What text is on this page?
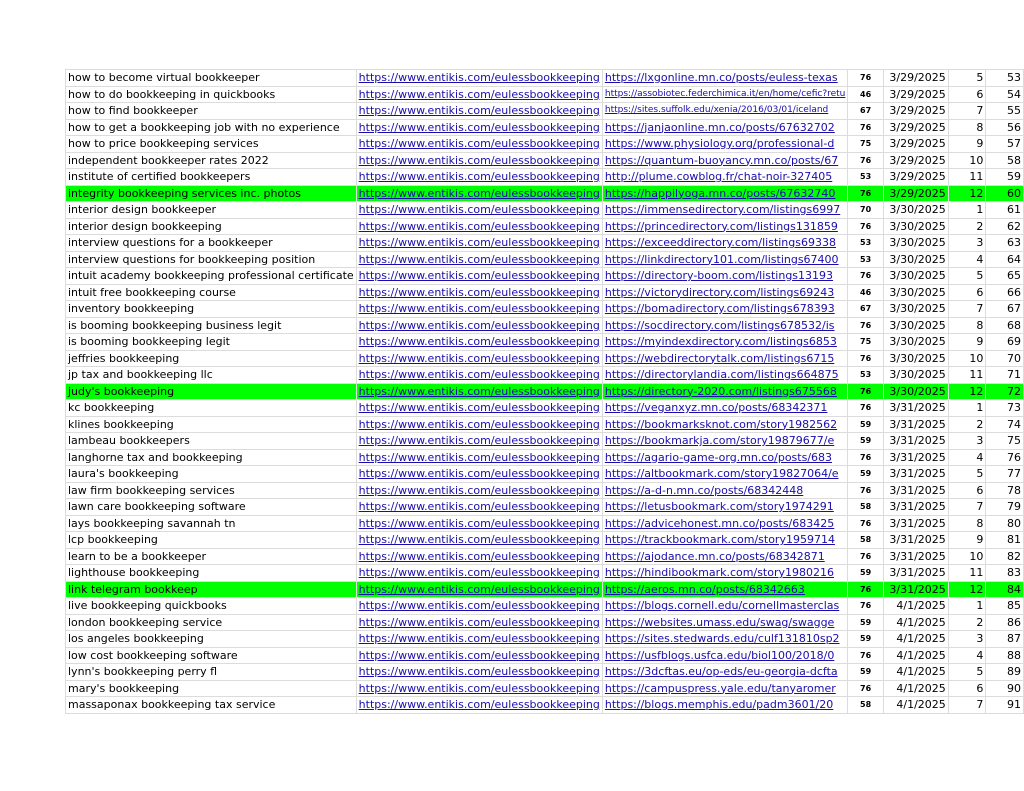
how to become virtual bookkeeper	https://www.entikis.com/eulessbookkeeping	https://lxgonline.mn.co/posts/euless-texas	76	3/29/2025	5	53
how to do bookkeeping in quickbooks	https://www.entikis.com/eulessbookkeeping	https://assobiotec.federchimica.it/en/home/cefic?retu	46	3/29/2025	6	54
how to find bookkeeper	https://www.entikis.com/eulessbookkeeping	https://sites.suffolk.edu/xenia/2016/03/01/iceland	67	3/29/2025	7	55
how to get a bookkeeping job with no experience	https://www.entikis.com/eulessbookkeeping	https://janjaonline.mn.co/posts/67632702	76	3/29/2025	8	56
how to price bookkeeping services	https://www.entikis.com/eulessbookkeeping	https://www.physiology.org/professional-d	75	3/29/2025	9	57
independent bookkeeper rates 2022	https://www.entikis.com/eulessbookkeeping	https://quantum-buoyancy.mn.co/posts/67	76	3/29/2025	10	58
institute of certified bookkeepers	https://www.entikis.com/eulessbookkeeping	http://plume.cowblog.fr/chat-noir-327405	53	3/29/2025	11	59
integrity bookkeeping services inc. photos	https://www.entikis.com/eulessbookkeeping	https://happilyoga.mn.co/posts/67632740	76	3/29/2025	12	60
interior design bookkeeper	https://www.entikis.com/eulessbookkeeping	https://immensedirectory.com/listings6997	70	3/30/2025	1	61
interior design bookkeeping	https://www.entikis.com/eulessbookkeeping	https://princedirectory.com/listings131859	76	3/30/2025	2	62
interview questions for a bookkeeper	https://www.entikis.com/eulessbookkeeping	https://exceeddirectory.com/listings69338	53	3/30/2025	3	63
interview questions for bookkeeping position	https://www.entikis.com/eulessbookkeeping	https://linkdirectory101.com/listings67400	53	3/30/2025	4	64
intuit academy bookkeeping professional certificate	https://www.entikis.com/eulessbookkeeping	https://directory-boom.com/listings13193	76	3/30/2025	5	65
intuit free bookkeeping course	https://www.entikis.com/eulessbookkeeping	https://victorydirectory.com/listings69243	46	3/30/2025	6	66
inventory bookkeeping	https://www.entikis.com/eulessbookkeeping	https://bomadirectory.com/listings678393	67	3/30/2025	7	67
is booming bookkeeping business legit	https://www.entikis.com/eulessbookkeeping	https://socdirectory.com/listings678532/is	76	3/30/2025	8	68
is booming bookkeeping legit	https://www.entikis.com/eulessbookkeeping	https://myindexdirectory.com/listings6853	75	3/30/2025	9	69
jeffries bookkeeping	https://www.entikis.com/eulessbookkeeping	https://webdirectorytalk.com/listings6715	76	3/30/2025	10	70
jp tax and bookkeeping llc	https://www.entikis.com/eulessbookkeeping	https://directorylandia.com/listings664875	53	3/30/2025	11	71
judy's bookkeeping	https://www.entikis.com/eulessbookkeeping	https://directory-2020.com/listings675568	76	3/30/2025	12	72
kc bookkeeping	https://www.entikis.com/eulessbookkeeping	https://veganxyz.mn.co/posts/68342371	76	3/31/2025	1	73
klines bookkeeping	https://www.entikis.com/eulessbookkeeping	https://bookmarksknot.com/story1982562	59	3/31/2025	2	74
lambeau bookkeepers	https://www.entikis.com/eulessbookkeeping	https://bookmarkja.com/story19879677/e	59	3/31/2025	3	75
langhorne tax and bookkeeping	https://www.entikis.com/eulessbookkeeping	https://agario-game-org.mn.co/posts/683	76	3/31/2025	4	76
laura's bookkeeping	https://www.entikis.com/eulessbookkeeping	https://altbookmark.com/story19827064/e	59	3/31/2025	5	77
law firm bookkeeping services	https://www.entikis.com/eulessbookkeeping	https://a-d-n.mn.co/posts/68342448	76	3/31/2025	6	78
lawn care bookkeeping software	https://www.entikis.com/eulessbookkeeping	https://letusbookmark.com/story1974291	58	3/31/2025	7	79
lays bookkeeping savannah tn	https://www.entikis.com/eulessbookkeeping	https://advicehonest.mn.co/posts/683425	76	3/31/2025	8	80
lcp bookkeeping	https://www.entikis.com/eulessbookkeeping	https://trackbookmark.com/story1959714	58	3/31/2025	9	81
learn to be a bookkeeper	https://www.entikis.com/eulessbookkeeping	https://ajodance.mn.co/posts/68342871	76	3/31/2025	10	82
lighthouse bookkeeping	https://www.entikis.com/eulessbookkeeping	https://hindibookmark.com/story1980216	59	3/31/2025	11	83
link telegram bookkeep	https://www.entikis.com/eulessbookkeeping	https://aeros.mn.co/posts/68342663	76	3/31/2025	12	84
live bookkeeping quickbooks	https://www.entikis.com/eulessbookkeeping	https://blogs.cornell.edu/cornellmasterclas	76	4/1/2025	1	85
london bookkeeping service	https://www.entikis.com/eulessbookkeeping	https://websites.umass.edu/swag/swagge	59	4/1/2025	2	86
los angeles bookkeeping	https://www.entikis.com/eulessbookkeeping	https://sites.stedwards.edu/culf131810sp2	59	4/1/2025	3	87
low cost bookkeeping software	https://www.entikis.com/eulessbookkeeping	https://usfblogs.usfca.edu/biol100/2018/0	76	4/1/2025	4	88
lynn's bookkeeping perry fl	https://www.entikis.com/eulessbookkeeping	https://3dcftas.eu/op-eds/eu-georgia-dcfta	59	4/1/2025	5	89
mary's bookkeeping	https://www.entikis.com/eulessbookkeeping	https://campuspress.yale.edu/tanyaromer	76	4/1/2025	6	90
massaponax bookkeeping tax service	https://www.entikis.com/eulessbookkeeping	https://blogs.memphis.edu/padm3601/20	58	4/1/2025	7	91
